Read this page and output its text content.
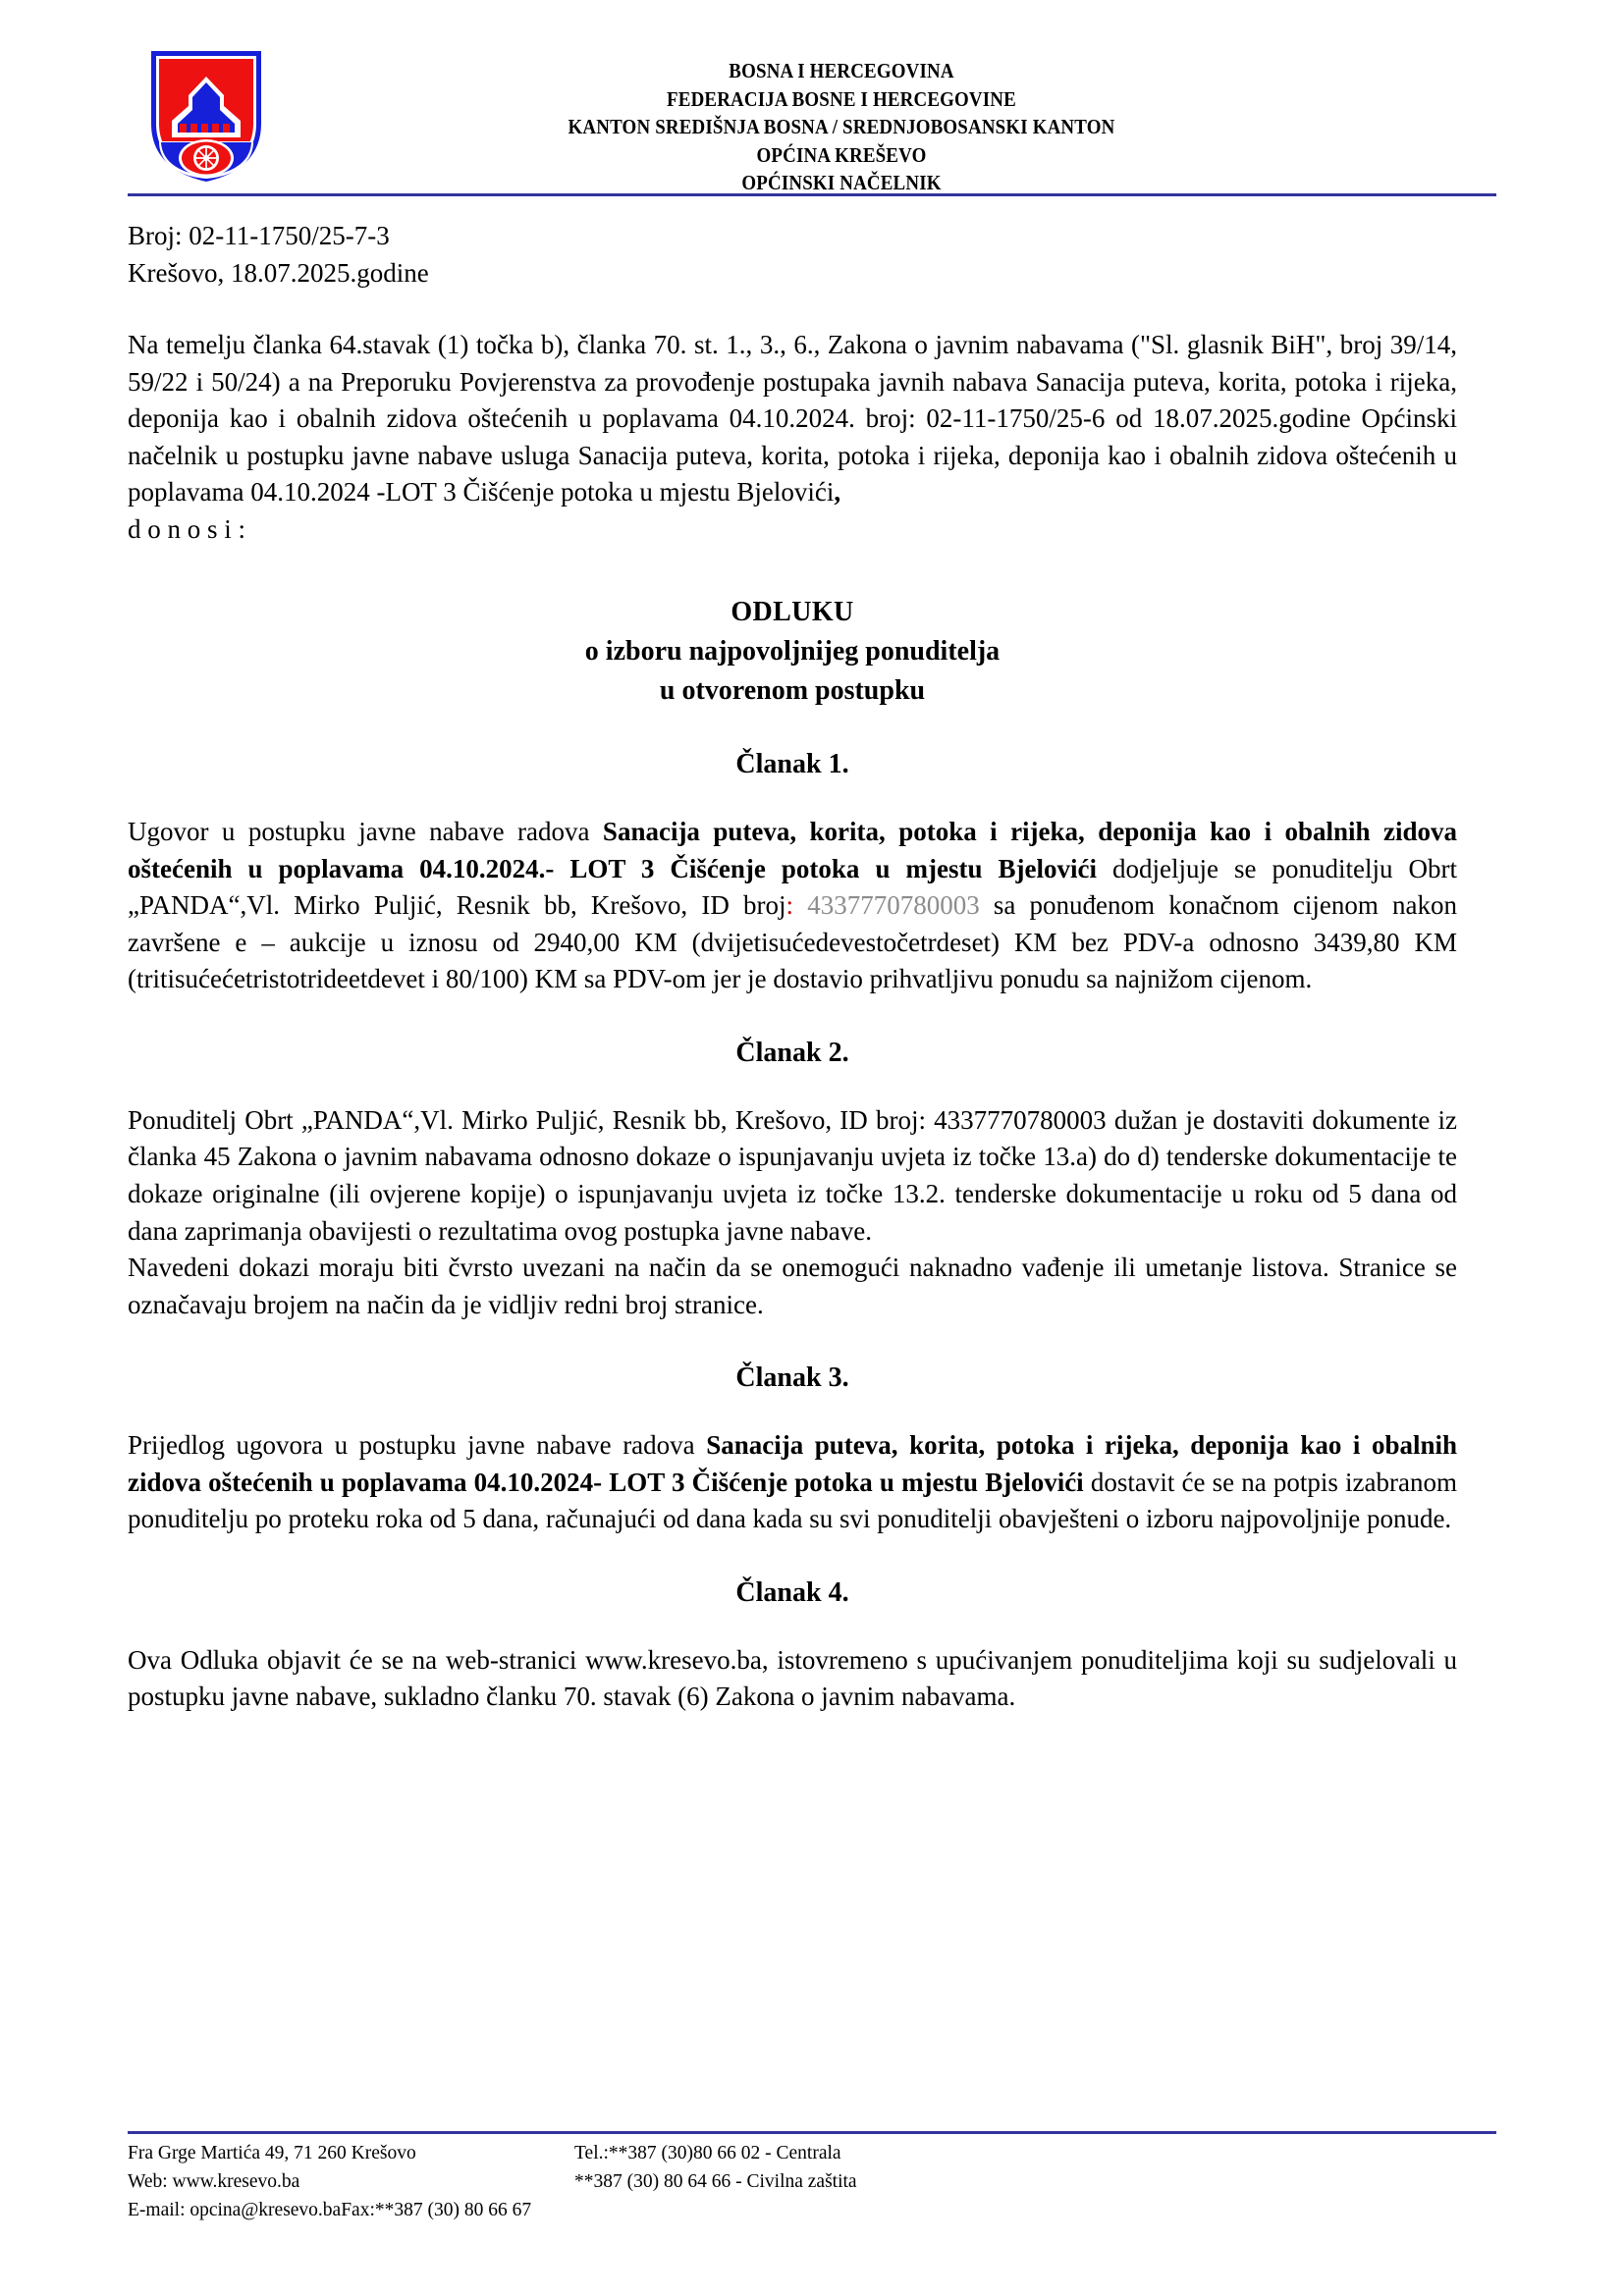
BOSNA I HERCEGOVINA
FEDERACIJA BOSNE I HERCEGOVINE
KANTON SREDIŠNJA BOSNA / SREDNJOBOSANSKI KANTON
OPĆINA KREŠEVO
OPĆINSKI NAČELNIK
Broj: 02-11-1750/25-7-3
Krešovo, 18.07.2025.godine

Na temelju članka 64.stavak (1) točka b), članka 70. st. 1., 3., 6., Zakona o javnim nabavama ("Sl. glasnik BiH", broj 39/14, 59/22 i 50/24) a na Preporuku Povjerenstva za provođenje postupaka javnih nabava Sanacija puteva, korita, potoka i rijeka, deponija kao i obalnih zidova oštećenih u poplavama 04.10.2024. broj: 02-11-1750/25-6 od 18.07.2025.godine Općinski načelnik u postupku javne nabave usluga Sanacija puteva, korita, potoka i rijeka, deponija kao i obalnih zidova oštećenih u poplavama 04.10.2024 -LOT 3 Čišćenje potoka u mjestu Bjelovići,
d o n o s i :

ODLUKU
o izboru najpovoljnijeg ponuditelja
u otvorenom postupku
Članak 1.

Ugovor u postupku javne nabave radova Sanacija puteva, korita, potoka i rijeka, deponija kao i obalnih zidova oštećenih u poplavama 04.10.2024.- LOT 3 Čišćenje potoka u mjestu Bjelovići dodjeljuje se ponuditelju Obrt „PANDA“,Vl. Mirko Puljić, Resnik bb, Krešovo, ID broj: 4337770780003 sa ponuđenom konačnom cijenom nakon završene e – aukcije u iznosu od 2940,00 KM (dvijetisućedevestočetrdeset) KM bez PDV-a odnosno 3439,80 KM (tritisućećetristotrideetdevet i 80/100) KM sa PDV-om jer je dostavio prihvatljivu ponudu sa najnižom cijenom.

Članak 2.

Ponuditelj Obrt „PANDA“,Vl. Mirko Puljić, Resnik bb, Krešovo, ID broj: 4337770780003 dužan je dostaviti dokumente iz članka 45 Zakona o javnim nabavama odnosno dokaze o ispunjavanju uvjeta iz točke 13.a) do d) tenderske dokumentacije te dokaze originalne (ili ovjerene kopije) o ispunjavanju uvjeta iz točke 13.2. tenderske dokumentacije u roku od 5 dana od dana zaprimanja obavijesti o rezultatima ovog postupka javne nabave.

Navedeni dokazi moraju biti čvrsto uvezani na način da se onemogući naknadno vađenje ili umetanje listova. Stranice se označavaju brojem na način da je vidljiv redni broj stranice.

Članak 3.

Prijedlog ugovora u postupku javne nabave radova Sanacija puteva, korita, potoka i rijeka, deponija kao i obalnih zidova oštećenih u poplavama 04.10.2024- LOT 3 Čišćenje potoka u mjestu Bjelovići dostavit će se na potpis izabranom ponuditelju po proteku roka od 5 dana, računajući od dana kada su svi ponuditelji obavješteni o izboru najpovoljnije ponude.

Članak 4.

Ova Odluka objavit će se na web-stranici www.kresevo.ba, istovremeno s upućivanjem ponuditeljima koji su sudjelovali u postupku javne nabave, sukladno članku 70. stavak (6) Zakona o javnim nabavama.

Fra Grge Martića 49, 71 260 Krešovo	Tel.:**387 (30)80 66 02 - Centrala
Web: www.kresevo.ba	**387 (30) 80 64 66 - Civilna zaštita
E-mail: opcina@kresevo.baFax:**387 (30) 80 66 67
